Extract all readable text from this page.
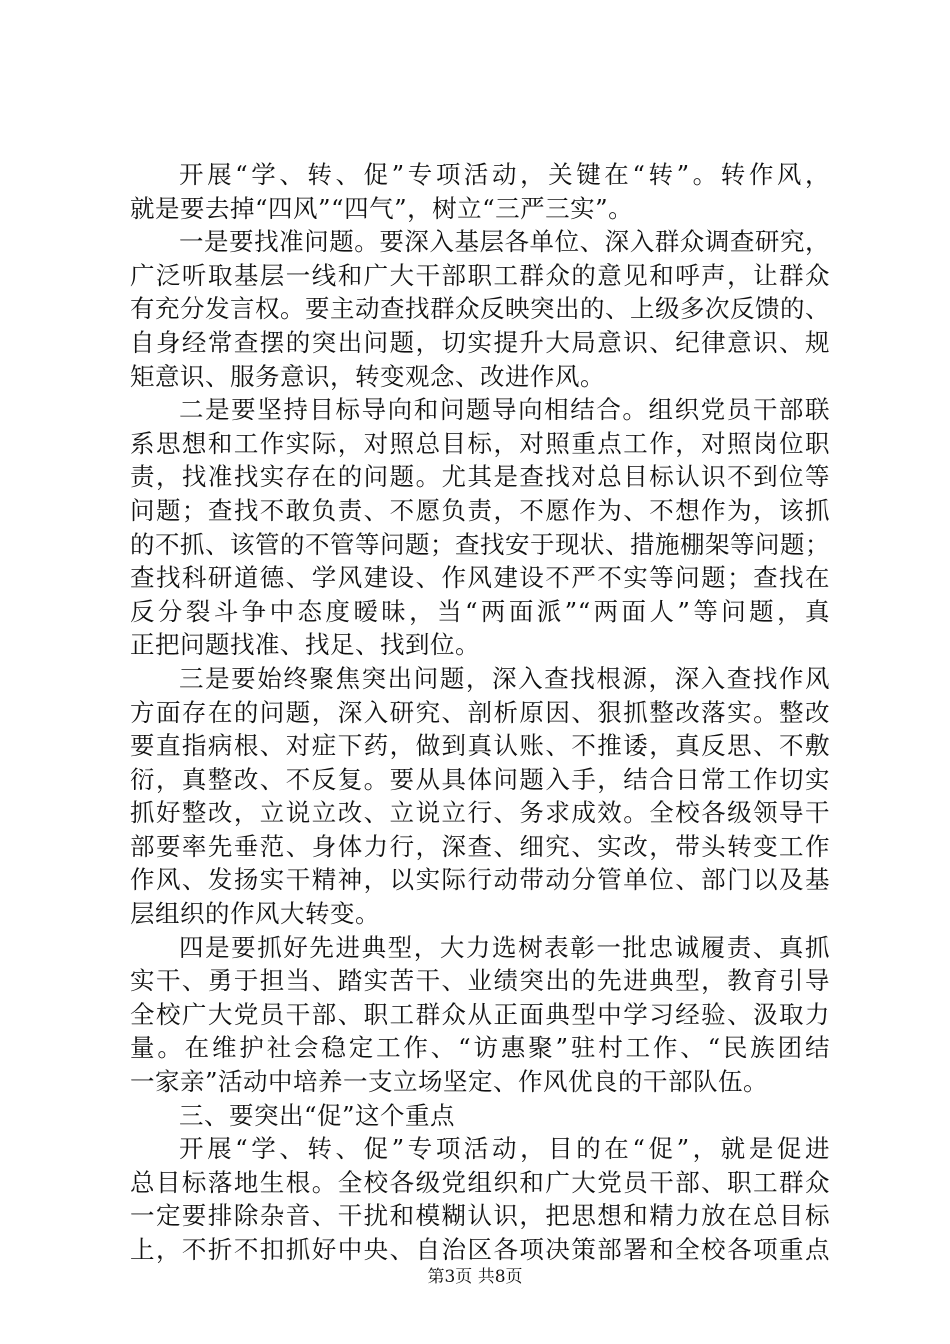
开展“学、转、促”专项活动，关键在“转”。转作风，
就是要去掉“四风”“四气”，树立“三严三实”。
一是要找准问题。要深入基层各单位、深入群众调查研究，
广泛听取基层一线和广大干部职工群众的意见和呼声，让群众
有充分发言权。要主动查找群众反映突出的、上级多次反馈的、
自身经常查摆的突出问题，切实提升大局意识、纪律意识、规
矩意识、服务意识，转变观念、改进作风。
二是要坚持目标导向和问题导向相结合。组织党员干部联
系思想和工作实际，对照总目标，对照重点工作，对照岗位职
责，找准找实存在的问题。尤其是查找对总目标认识不到位等
问题；查找不敢负责、不愿负责，不愿作为、不想作为，该抓
的不抓、该管的不管等问题；查找安于现状、措施棚架等问题；
查找科研道德、学风建设、作风建设不严不实等问题；查找在
反分裂斗争中态度暧昧，当“两面派”“两面人”等问题，真
正把问题找准、找足、找到位。
三是要始终聚焦突出问题，深入查找根源，深入查找作风
方面存在的问题，深入研究、剖析原因、狠抓整改落实。整改
要直指病根、对症下药，做到真认账、不推诿，真反思、不敷
衍，真整改、不反复。要从具体问题入手，结合日常工作切实
抓好整改，立说立改、立说立行、务求成效。全校各级领导干
部要率先垂范、身体力行，深查、细究、实改，带头转变工作
作风、发扬实干精神，以实际行动带动分管单位、部门以及基
层组织的作风大转变。
四是要抓好先进典型，大力选树表彰一批忠诚履责、真抓
实干、勇于担当、踏实苦干、业绩突出的先进典型，教育引导
全校广大党员干部、职工群众从正面典型中学习经验、汲取力
量。在维护社会稳定工作、“访惠聚”驻村工作、“民族团结
一家亲”活动中培养一支立场坚定、作风优良的干部队伍。
三、要突出“促”这个重点
开展“学、转、促”专项活动，目的在“促”，就是促进
总目标落地生根。全校各级党组织和广大党员干部、职工群众
一定要排除杂音、干扰和模糊认识，把思想和精力放在总目标
上，不折不扣抓好中央、自治区各项决策部署和全校各项重点
第3页 共8页
